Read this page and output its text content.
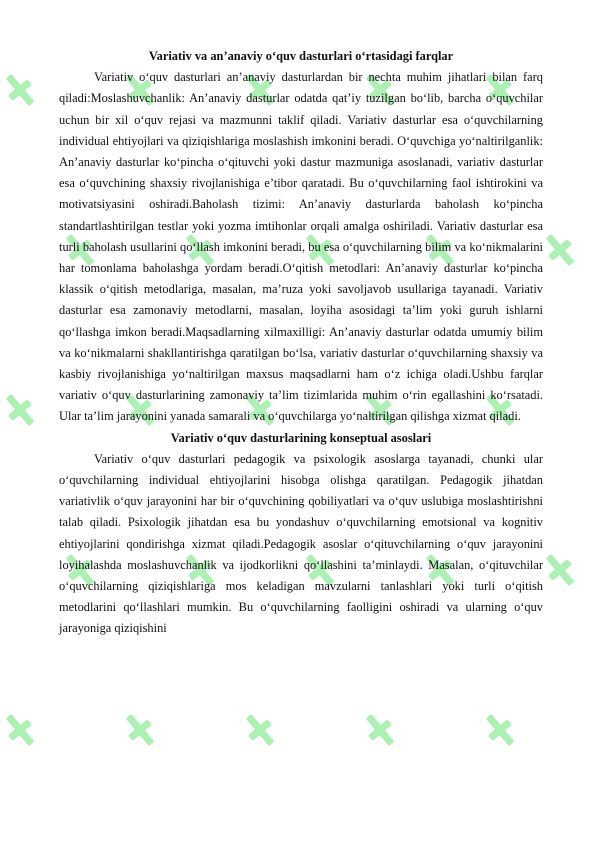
Variativ va an’anaviy o‘quv dasturlari o‘rtasidagi farqlar

Variativ o‘quv dasturlari an’anaviy dasturlardan bir nechta muhim jihatlari bilan farq qiladi:Moslashuvchanlik: An’anaviy dasturlar odatda qat’iy tuzilgan bo‘lib, barcha o‘quvchilar uchun bir xil o‘quv rejasi va mazmunni taklif qiladi. Variativ dasturlar esa o‘quvchilarning individual ehtiyojlari va qiziqishlariga moslashish imkonini beradi. O‘quvchiga yo‘naltirilganlik: An’anaviy dasturlar ko‘pincha o‘qituvchi yoki dastur mazmuniga asoslanadi, variativ dasturlar esa o‘quvchining shaxsiy rivojlanishiga e’tibor qaratadi. Bu o‘quvchilarning faol ishtirokini va motivatsiyasini oshiradi.Baholash tizimi: An’anaviy dasturlarda baholash ko‘pincha standartlashtirilgan testlar yoki yozma imtihonlar orqali amalga oshiriladi. Variativ dasturlar esa turli baholash usullarini qo‘llash imkonini beradi, bu esa o‘quvchilarning bilim va ko‘nikmalarini har tomonlama baholashga yordam beradi.O‘qitish metodlari: An’anaviy dasturlar ko‘pincha klassik o‘qitish metodlariga, masalan, ma’ruza yoki savoljavob usullariga tayanadi. Variativ dasturlar esa zamonaviy metodlarni, masalan, loyiha asosidagi ta’lim yoki guruh ishlarni qo‘llashga imkon beradi.Maqsadlarning xilmaxilligi: An’anaviy dasturlar odatda umumiy bilim va ko‘nikmalarni shakllantirishga qaratilgan bo‘lsa, variativ dasturlar o‘quvchilarning shaxsiy va kasbiy rivojlanishiga yo‘naltirilgan maxsus maqsadlarni ham o‘z ichiga oladi.Ushbu farqlar variativ o‘quv dasturlarining zamonaviy ta’lim tizimlarida muhim o‘rin egallashini ko‘rsatadi. Ular ta’lim jarayonini yanada samarali va o‘quvchilarga yo‘naltirilgan qilishga xizmat qiladi.

Variativ o‘quv dasturlarining konseptual asoslari

Variativ o‘quv dasturlari pedagogik va psixologik asoslarga tayanadi, chunki ular o‘quvchilarning individual ehtiyojlarini hisobga olishga qaratilgan. Pedagogik jihatdan variativlik o‘quv jarayonini har bir o‘quvchining qobiliyatlari va o‘quv uslubiga moslashtirishni talab qiladi. Psixologik jihatdan esa bu yondashuv o‘quvchilarning emotsional va kognitiv ehtiyojlarini qondirishga xizmat qiladi.Pedagogik asoslar o‘qituvchilarning o‘quv jarayonini loyihalashda moslashuvchanlik va ijodkorlikni qo‘llashini ta’minlaydi. Masalan, o‘qituvchilar o‘quvchilarning qiziqishlariga mos keladigan mavzularni tanlashlari yoki turli o‘qitish metodlarini qo‘llashlari mumkin. Bu o‘quvchilarning faolligini oshiradi va ularning o‘quv jarayoniga qiziqishini
